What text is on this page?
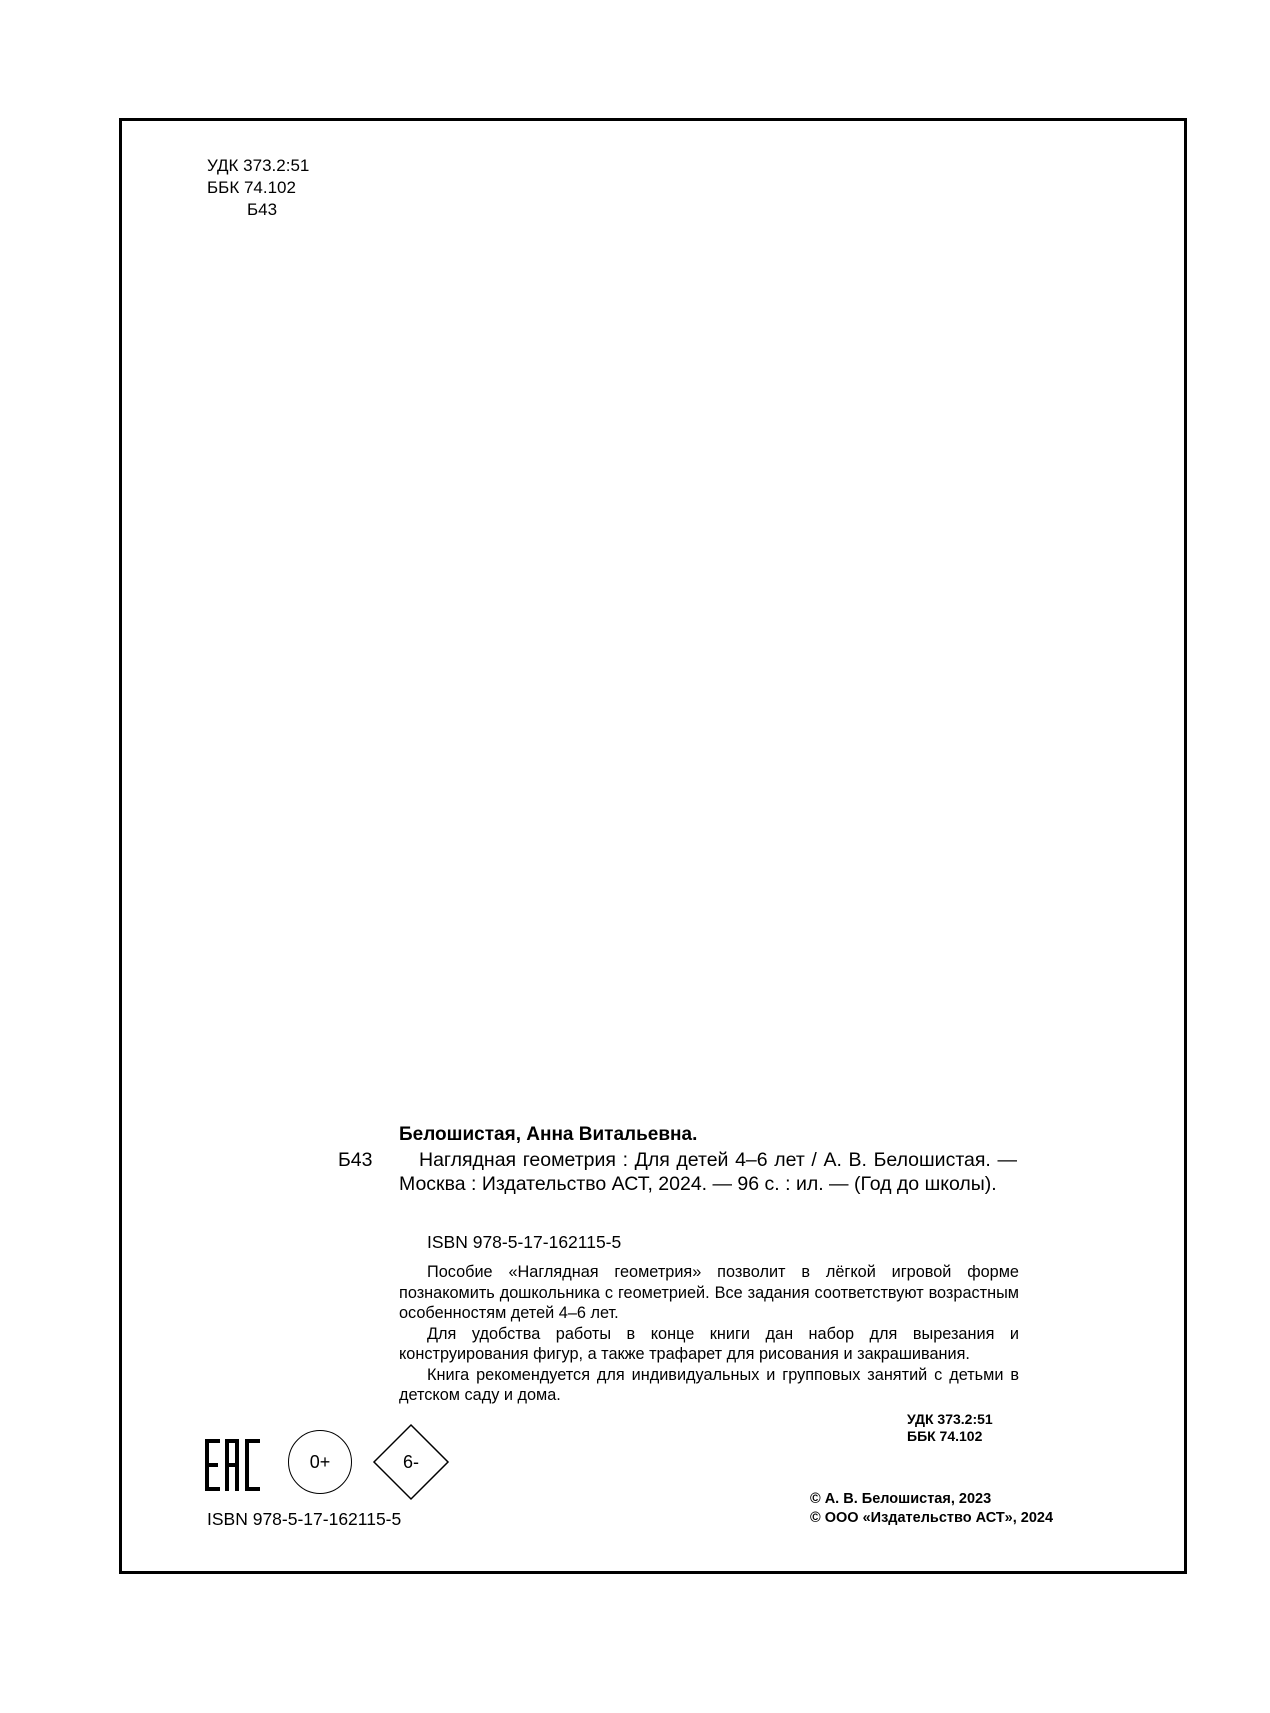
УДК 373.2:51
ББК 74.102
Б43
Белошистая, Анна Витальевна.
Б43	Наглядная геометрия : Для детей 4–6 лет / А. В. Белошистая. — Москва : Издательство АСТ, 2024. — 96 с. : ил. — (Год до школы).
ISBN 978-5-17-162115-5

Пособие «Наглядная геометрия» позволит в лёгкой игровой форме познакомить дошкольника с геометрией. Все задания соответствуют возрастным особенностям детей 4–6 лет.

Для удобства работы в конце книги дан набор для вырезания и конструирования фигур, а также трафарет для рисования и закрашивания.

Книга рекомендуется для индивидуальных и групповых занятий с детьми в детском саду и дома.

0+	6-
ISBN 978-5-17-162115-5
УДК 373.2:51
ББК 74.102
© А. В. Белошистая, 2023
© ООО «Издательство АСТ», 2024
